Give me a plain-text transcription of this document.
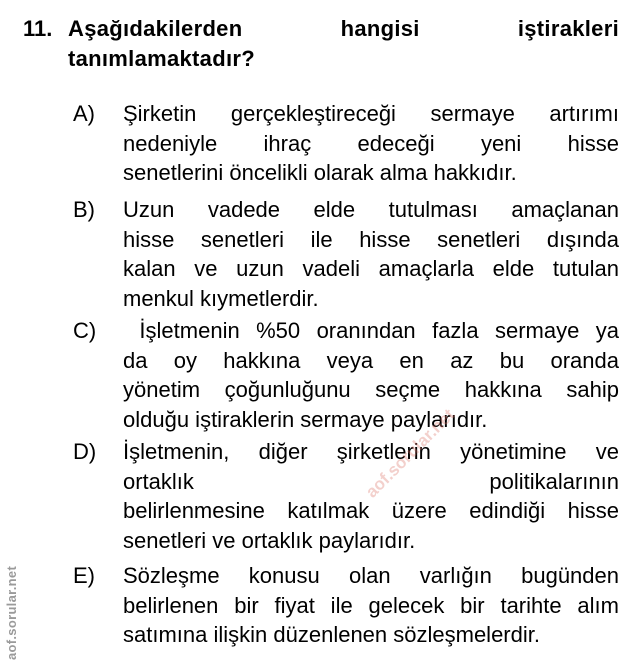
11. Aşağıdakilerden hangisi iştirakleri
tanımlamaktadır?
A) Şirketin gerçekleştireceği sermaye artırımı
nedeniyle ihraç edeceği yeni hisse
senetlerini öncelikli olarak alma hakkıdır.
B) Uzun vadede elde tutulması amaçlanan
hisse senetleri ile hisse senetleri dışında
kalan ve uzun vadeli amaçlarla elde tutulan
menkul kıymetlerdir.
C) İşletmenin %50 oranından fazla sermaye ya
da oy hakkına veya en az bu oranda
yönetim çoğunluğunu seçme hakkına sahip
olduğu iştiraklerin sermaye paylarıdır.
D) İşletmenin, diğer şirketlerin yönetimine ve
ortaklık politikalarının
belirlenmesine katılmak üzere edindiği hisse
senetleri ve ortaklık paylarıdır.
E) Sözleşme konusu olan varlığın bugünden
belirlenen bir fiyat ile gelecek bir tarihte alım
satımına ilişkin düzenlenen sözleşmelerdir.
aof.sorular.net
aof.sorular.net
